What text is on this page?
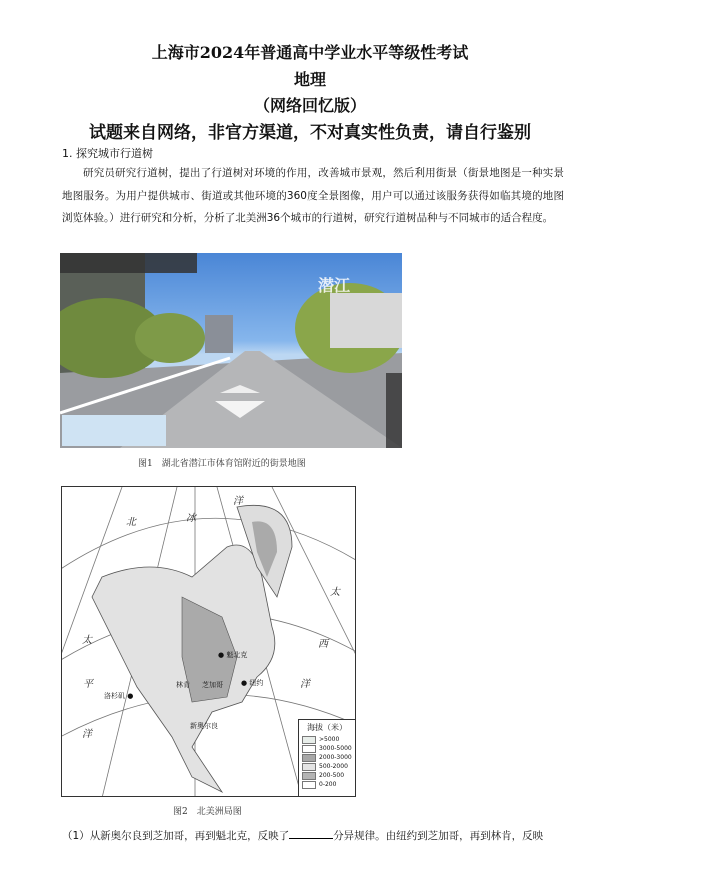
上海市2024年普通高中学业水平等级性考试
地理
（网络回忆版）
试题来自网络，非官方渠道，不对真实性负责，请自行鉴别
1. 探究城市行道树
研究员研究行道树，提出了行道树对环境的作用，改善城市景观，然后利用街景（街景地图是一种实景地图服务。为用户提供城市、街道或其他环境的360度全景图像，用户可以通过该服务获得如临其境的地图浏览体验。）进行研究和分析，分析了北美洲36个城市的行道树，研究行道树品种与不同城市的适合程度。
潜江
图1　湖北省潜江市体育馆附近的街景地图
北	冰
洋
太
西
洋
太
平
洋
● 魁北克
林肯 芝加哥	● 纽约
洛杉矶 ●
新奥尔良	海拔（米）
>5000
3000-5000
2000-3000
500-2000
200-500
0-200
图2　北美洲局图
（1）从新奥尔良到芝加哥，再到魁北克，反映了	分异规律。由纽约到芝加哥，再到林肯，反映
